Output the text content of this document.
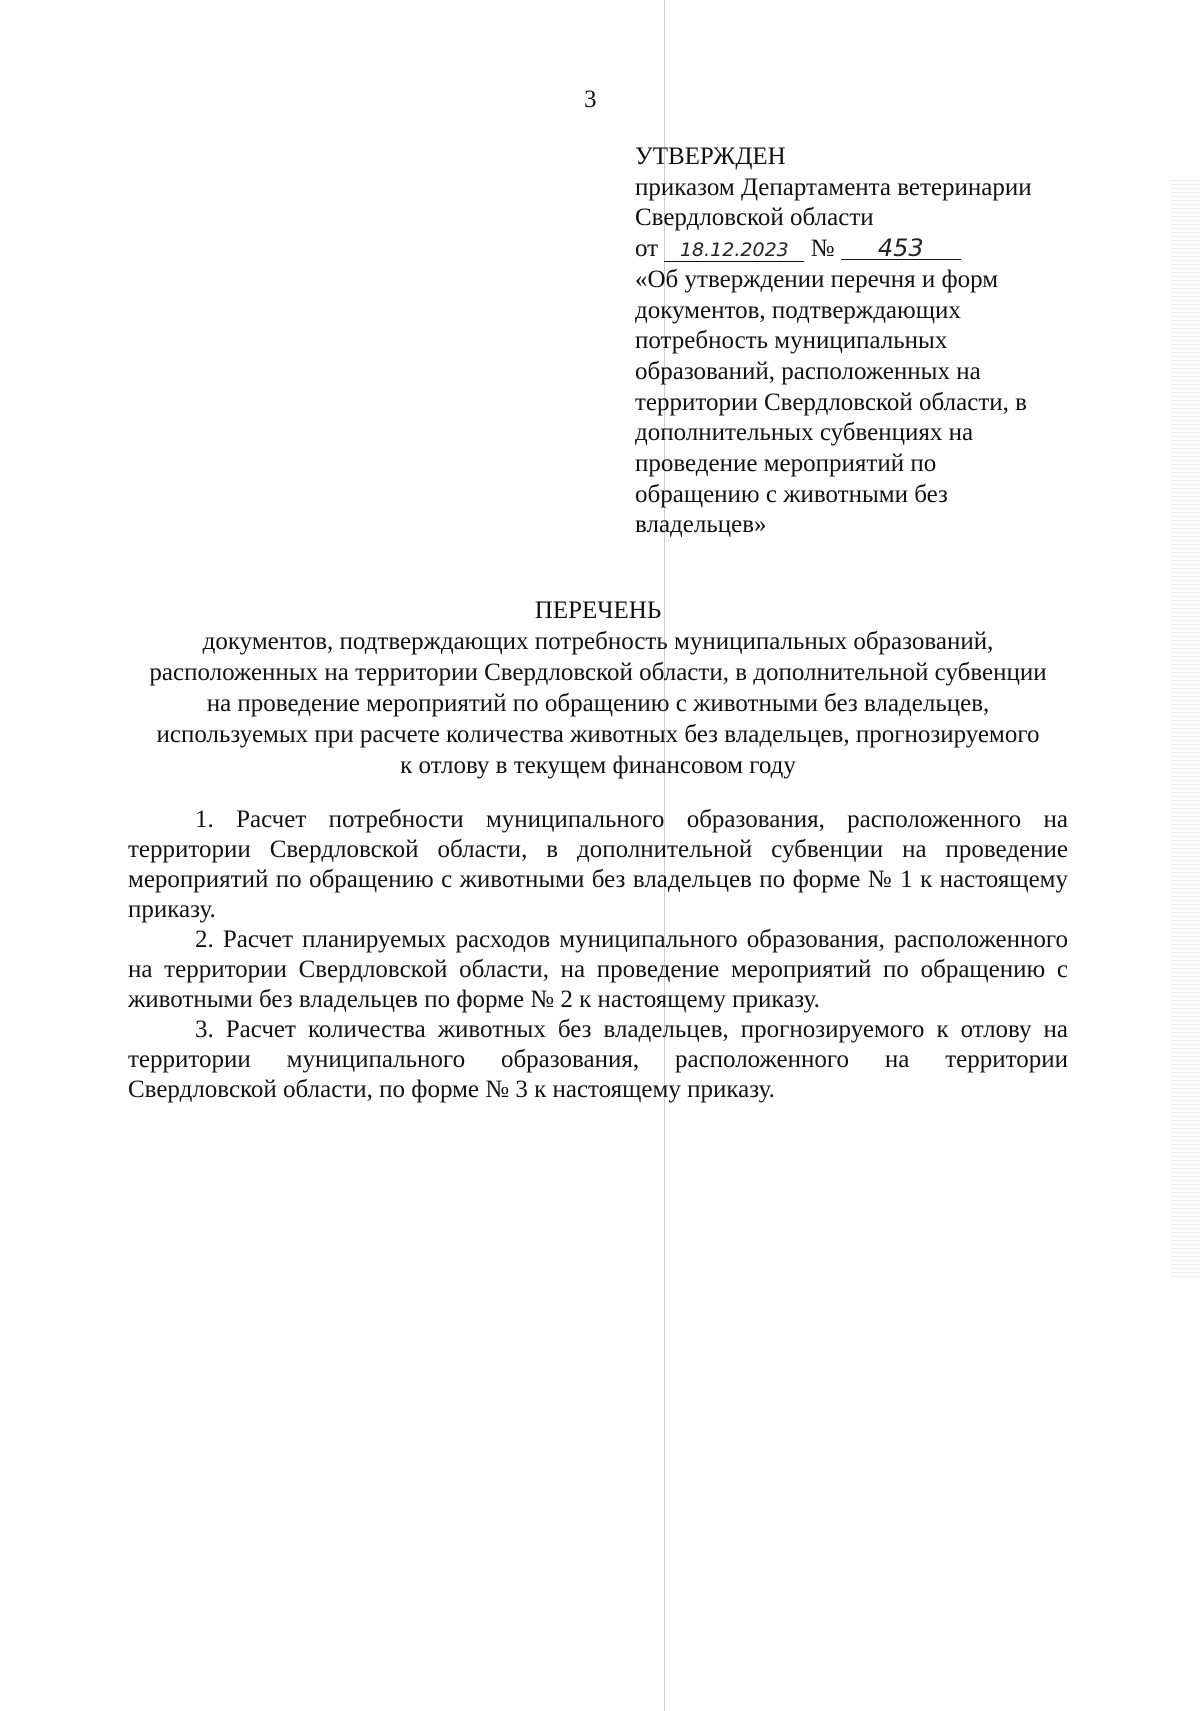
3
УТВЕРЖДЕН
приказом Департамента ветеринарии
Свердловской области
от 18.12.2023 № 453
«Об утверждении перечня и форм документов, подтверждающих потребность муниципальных образований, расположенных на территории Свердловской области, в дополнительных субвенциях на проведение мероприятий по обращению с животными без владельцев»
ПЕРЕЧЕНЬ
документов, подтверждающих потребность муниципальных образований, расположенных на территории Свердловской области, в дополнительной субвенции на проведение мероприятий по обращению с животными без владельцев, используемых при расчете количества животных без владельцев, прогнозируемого к отлову в текущем финансовом году

1. Расчет потребности муниципального образования, расположенного на территории Свердловской области, в дополнительной субвенции на проведение мероприятий по обращению с животными без владельцев по форме № 1 к настоящему приказу.

2. Расчет планируемых расходов муниципального образования, расположенного на территории Свердловской области, на проведение мероприятий по обращению с животными без владельцев по форме № 2 к настоящему приказу.

3. Расчет количества животных без владельцев, прогнозируемого к отлову на территории муниципального образования, расположенного на территории Свердловской области, по форме № 3 к настоящему приказу.
